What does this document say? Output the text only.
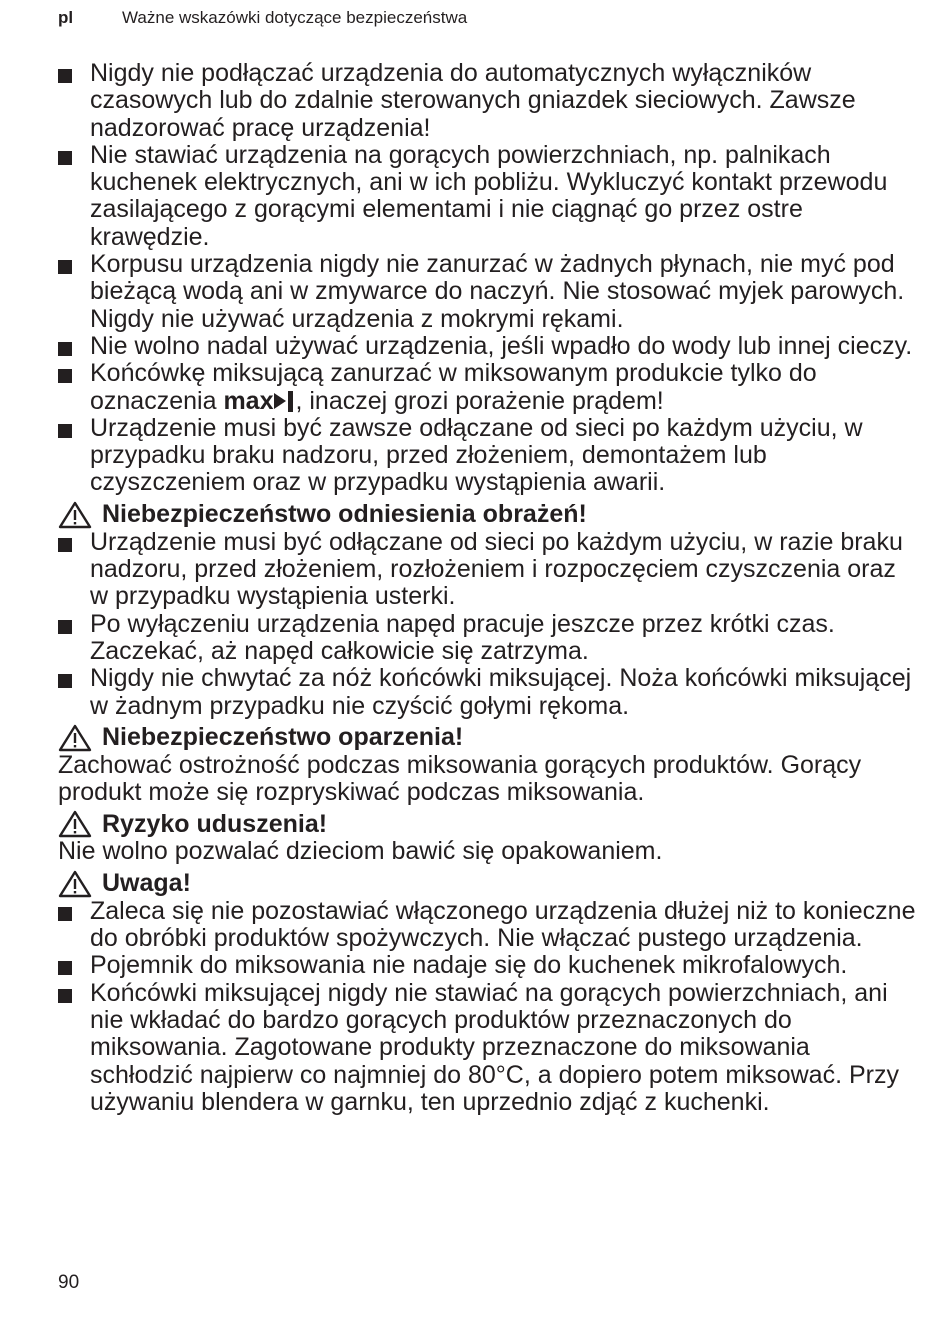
pl	Ważne wskazówki dotyczące bezpieczeństwa
Nigdy nie podłączać urządzenia do automatycznych wyłączników czasowych lub do zdalnie sterowanych gniazdek sieciowych. Zawsze nadzorować pracę urządzenia!
Nie stawiać urządzenia na gorących powierzchniach, np. palnikach kuchenek elektrycznych, ani w ich pobliżu. Wykluczyć kontakt przewodu zasilającego z gorącymi elementami i nie ciągnąć go przez ostre krawędzie.
Korpusu urządzenia nigdy nie zanurzać w żadnych płynach, nie myć pod bieżącą wodą ani w zmywarce do naczyń. Nie stosować myjek parowych. Nigdy nie używać urządzenia z mokrymi rękami.
Nie wolno nadal używać urządzenia, jeśli wpadło do wody lub innej cieczy.
Końcówkę miksującą zanurzać w miksowanym produkcie tylko do oznaczenia max , inaczej grozi porażenie prądem!
Urządzenie musi być zawsze odłączane od sieci po każdym użyciu, w przypadku braku nadzoru, przed złożeniem, demontażem lub czyszczeniem oraz w przypadku wystąpienia awarii.
Niebezpieczeństwo odniesienia obrażeń!
Urządzenie musi być odłączane od sieci po każdym użyciu, w razie braku nadzoru, przed złożeniem, rozłożeniem i rozpoczęciem czyszczenia oraz w przypadku wystąpienia usterki.
Po wyłączeniu urządzenia napęd pracuje jeszcze przez krótki czas. Zaczekać, aż napęd całkowicie się zatrzyma.
Nigdy nie chwytać za nóż końcówki miksującej. Noża końcówki miksującej w żadnym przypadku nie czyścić gołymi rękoma.
Niebezpieczeństwo oparzenia!

Zachować ostrożność podczas miksowania gorących produktów. Gorący produkt może się rozpryskiwać podczas miksowania.

Ryzyko uduszenia!

Nie wolno pozwalać dzieciom bawić się opakowaniem.

Uwaga!
Zaleca się nie pozostawiać włączonego urządzenia dłużej niż to konieczne do obróbki produktów spożywczych. Nie włączać pustego urządzenia.
Pojemnik do miksowania nie nadaje się do kuchenek mikrofalowych.
Końcówki miksującej nigdy nie stawiać na gorących powierzchniach, ani nie wkładać do bardzo gorących produktów przeznaczonych do miksowania. Zagotowane produkty przeznaczone do miksowania schłodzić najpierw co najmniej do 80°C, a dopiero potem miksować. Przy używaniu blendera w garnku, ten uprzednio zdjąć z kuchenki.
90
